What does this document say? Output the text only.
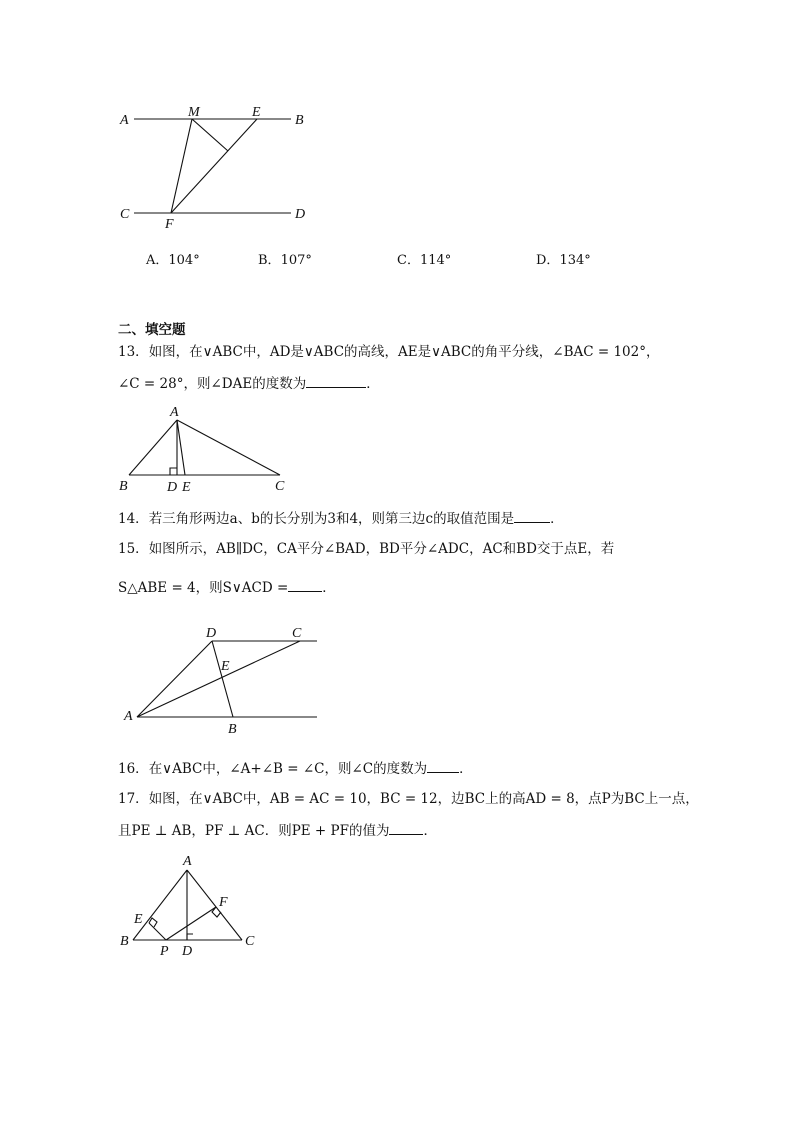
A
M	E
B
C
F
D
A．104°	B．107°	C．114°	D．134°
二、填空题
13．如图，在∨ABC中，AD是∨ABC的高线，AE是∨ABC的角平分线，∠BAC = 102°，
∠C = 28°，则∠DAE的度数为	．
A
B	D E	C
14．若三角形两边a、b的长分别为3和4，则第三边c的取值范围是	．
15．如图所示，AB∥DC，CA平分∠BAD，BD平分∠ADC，AC和BD交于点E，若
S△ABE = 4，则S∨ACD =	．
D	C
E
A
B
16．在∨ABC中，∠A+∠B = ∠C，则∠C的度数为 ．
17．如图，在∨ABC中，AB = AC = 10，BC = 12，边BC上的高AD = 8，点P为BC上一点，
且PE ⊥ AB，PF ⊥ AC．则PE + PF的值为	．
A
E
F
B
P D
C
